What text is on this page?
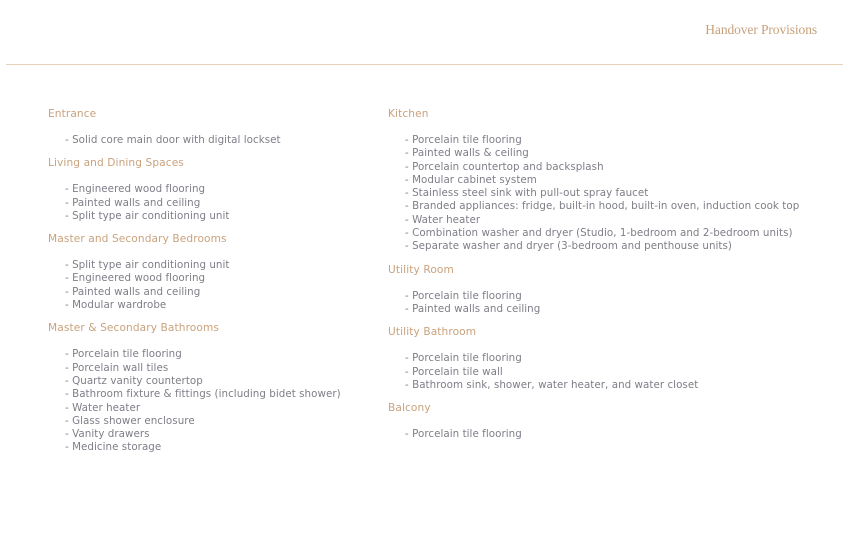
Handover Provisions
Entrance
- Solid core main door with digital lockset
Living and Dining Spaces
- Engineered wood flooring
- Painted walls and ceiling
- Split type air conditioning unit
Master and Secondary Bedrooms
- Split type air conditioning unit
- Engineered wood flooring
- Painted walls and ceiling
- Modular wardrobe
Master & Secondary Bathrooms
- Porcelain tile flooring
- Porcelain wall tiles
- Quartz vanity countertop
- Bathroom fixture & fittings (including bidet shower)
- Water heater
- Glass shower enclosure
- Vanity drawers
- Medicine storage
Kitchen
- Porcelain tile flooring
- Painted walls & ceiling
- Porcelain countertop and backsplash
- Modular cabinet system
- Stainless steel sink with pull-out spray faucet
- Branded appliances: fridge, built-in hood, built-in oven, induction cook top
- Water heater
- Combination washer and dryer (Studio, 1-bedroom and 2-bedroom units)
- Separate washer and dryer (3-bedroom and penthouse units)
Utility Room
- Porcelain tile flooring
- Painted walls and ceiling
Utility Bathroom
- Porcelain tile flooring
- Porcelain tile wall
- Bathroom sink, shower, water heater, and water closet
Balcony
- Porcelain tile flooring
